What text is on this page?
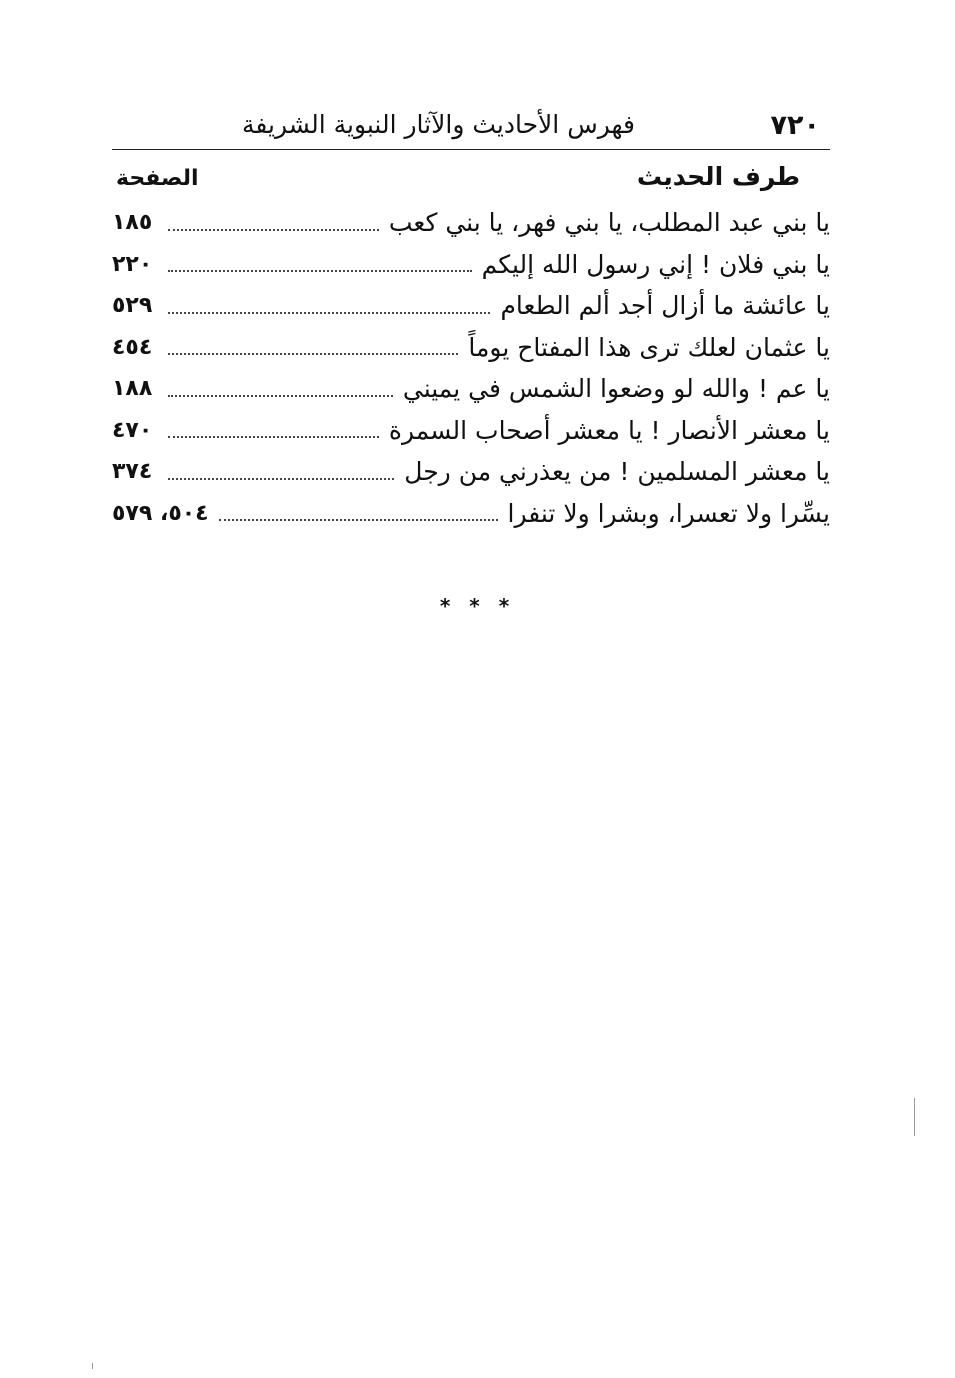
٧٢٠
فهرس الأحاديث والآثار النبوية الشريفة
طرف الحديث
الصفحة
يا بني عبد المطلب، يا بني فهر، يا بني كعب
١٨٥
يا بني فلان ! إني رسول الله إليكم
٢٢٠
يا عائشة ما أزال أجد ألم الطعام
٥٢٩
يا عثمان لعلك ترى هذا المفتاح يوماً
٤٥٤
يا عم ! والله لو وضعوا الشمس في يميني
١٨٨
يا معشر الأنصار ! يا معشر أصحاب السمرة
٤٧٠
يا معشر المسلمين ! من يعذرني من رجل
٣٧٤
يسِّرا ولا تعسرا، وبشرا ولا تنفرا
٥٠٤، ٥٧٩
* * *
